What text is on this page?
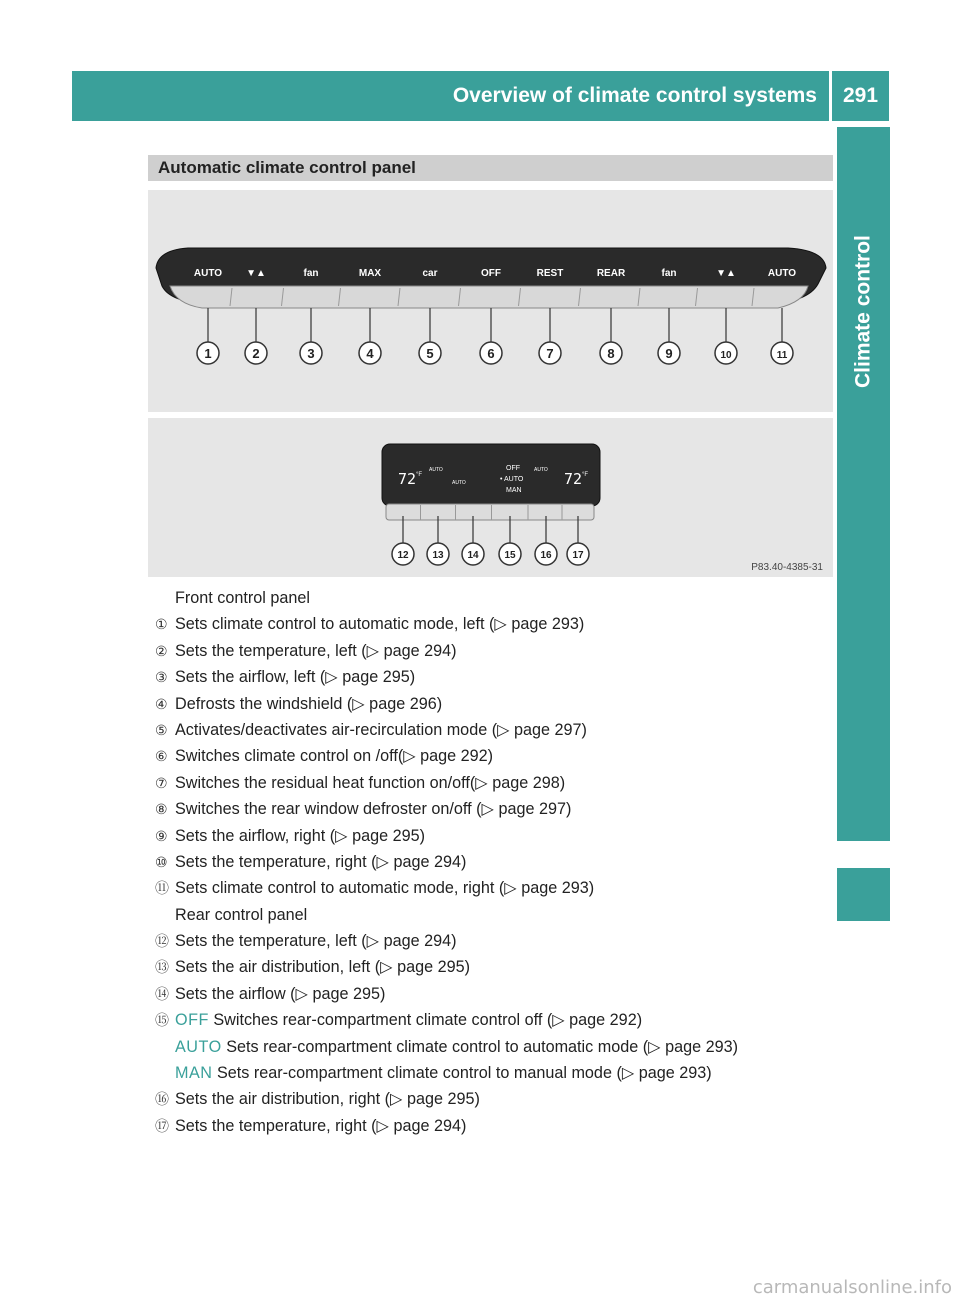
Overview of climate control systems	291
Climate control
Automatic climate control panel
AUTO ▼▲	fan	MAX	car	OFF	REST	REAR	fan	▼▲	AUTO
1	2	3	4	5	6	7	8	9	10	11
72 °F
AUTO
AUTO
OFF
• AUTO
MAN
AUTO 72 °F
12 13 14	15 16 17
P83.40-4385-31
Front control panel
① Sets climate control to automatic mode, left (▷ page 293)
② Sets the temperature, left (▷ page 294)
③ Sets the airflow, left (▷ page 295)
④ Defrosts the windshield (▷ page 296)
⑤ Activates/deactivates air-recirculation mode (▷ page 297)
⑥ Switches climate control on /off(▷ page 292)
⑦ Switches the residual heat function on/off(▷ page 298)
⑧ Switches the rear window defroster on/off (▷ page 297)
⑨ Sets the airflow, right (▷ page 295)
⑩ Sets the temperature, right (▷ page 294)
⑪ Sets climate control to automatic mode, right (▷ page 293)
Rear control panel
⑫ Sets the temperature, left (▷ page 294)
⑬ Sets the air distribution, left (▷ page 295)
⑭ Sets the airflow (▷ page 295)
⑮ OFF Switches rear-compartment climate control off (▷ page 292)
AUTO Sets rear-compartment climate control to automatic mode (▷ page 293)
MAN Sets rear-compartment climate control to manual mode (▷ page 293)
⑯ Sets the air distribution, right (▷ page 295)
⑰ Sets the temperature, right (▷ page 294)
carmanualsonline.info
